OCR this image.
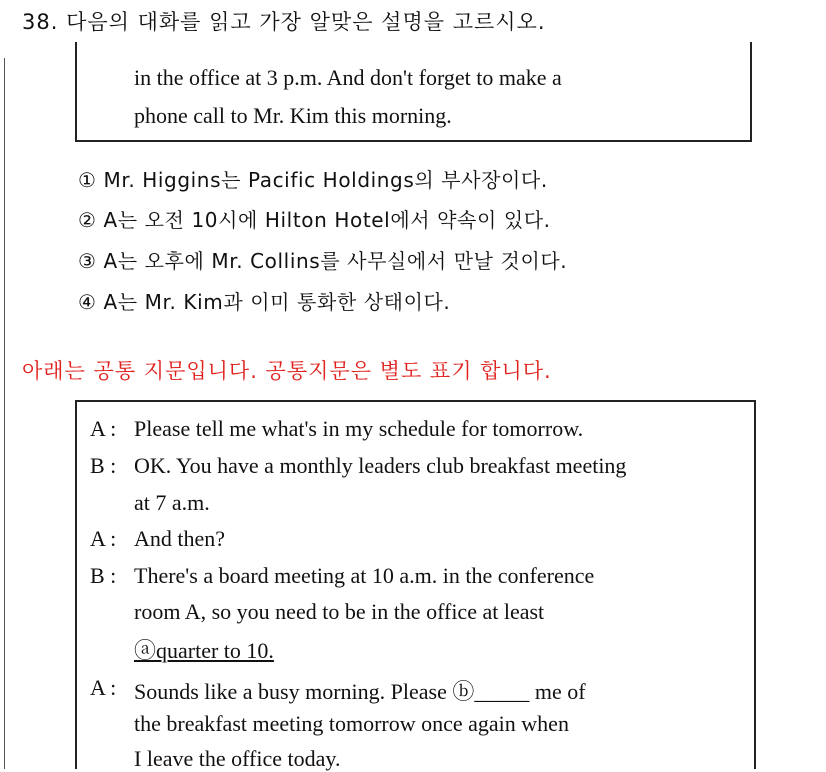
38. 다음의 대화를 읽고 가장 알맞은 설명을 고르시오.
in the office at 3 p.m. And don't forget to make a
phone call to Mr. Kim this morning.
① Mr. Higgins는 Pacific Holdings의 부사장이다.
② A는 오전 10시에 Hilton Hotel에서 약속이 있다.
③ A는 오후에 Mr. Collins를 사무실에서 만날 것이다.
④ A는 Mr. Kim과 이미 통화한 상태이다.
아래는 공통 지문입니다. 공통지문은 별도 표기 합니다.
A : Please tell me what's in my schedule for tomorrow.
B : OK. You have a monthly leaders club breakfast meeting
at 7 a.m.
A : And then?
B : There's a board meeting at 10 a.m. in the conference
room A, so you need to be in the office at least
ⓐquarter to 10.
A : Sounds like a busy morning. Please ⓑ_____ me of
the breakfast meeting tomorrow once again when
I leave the office today.
